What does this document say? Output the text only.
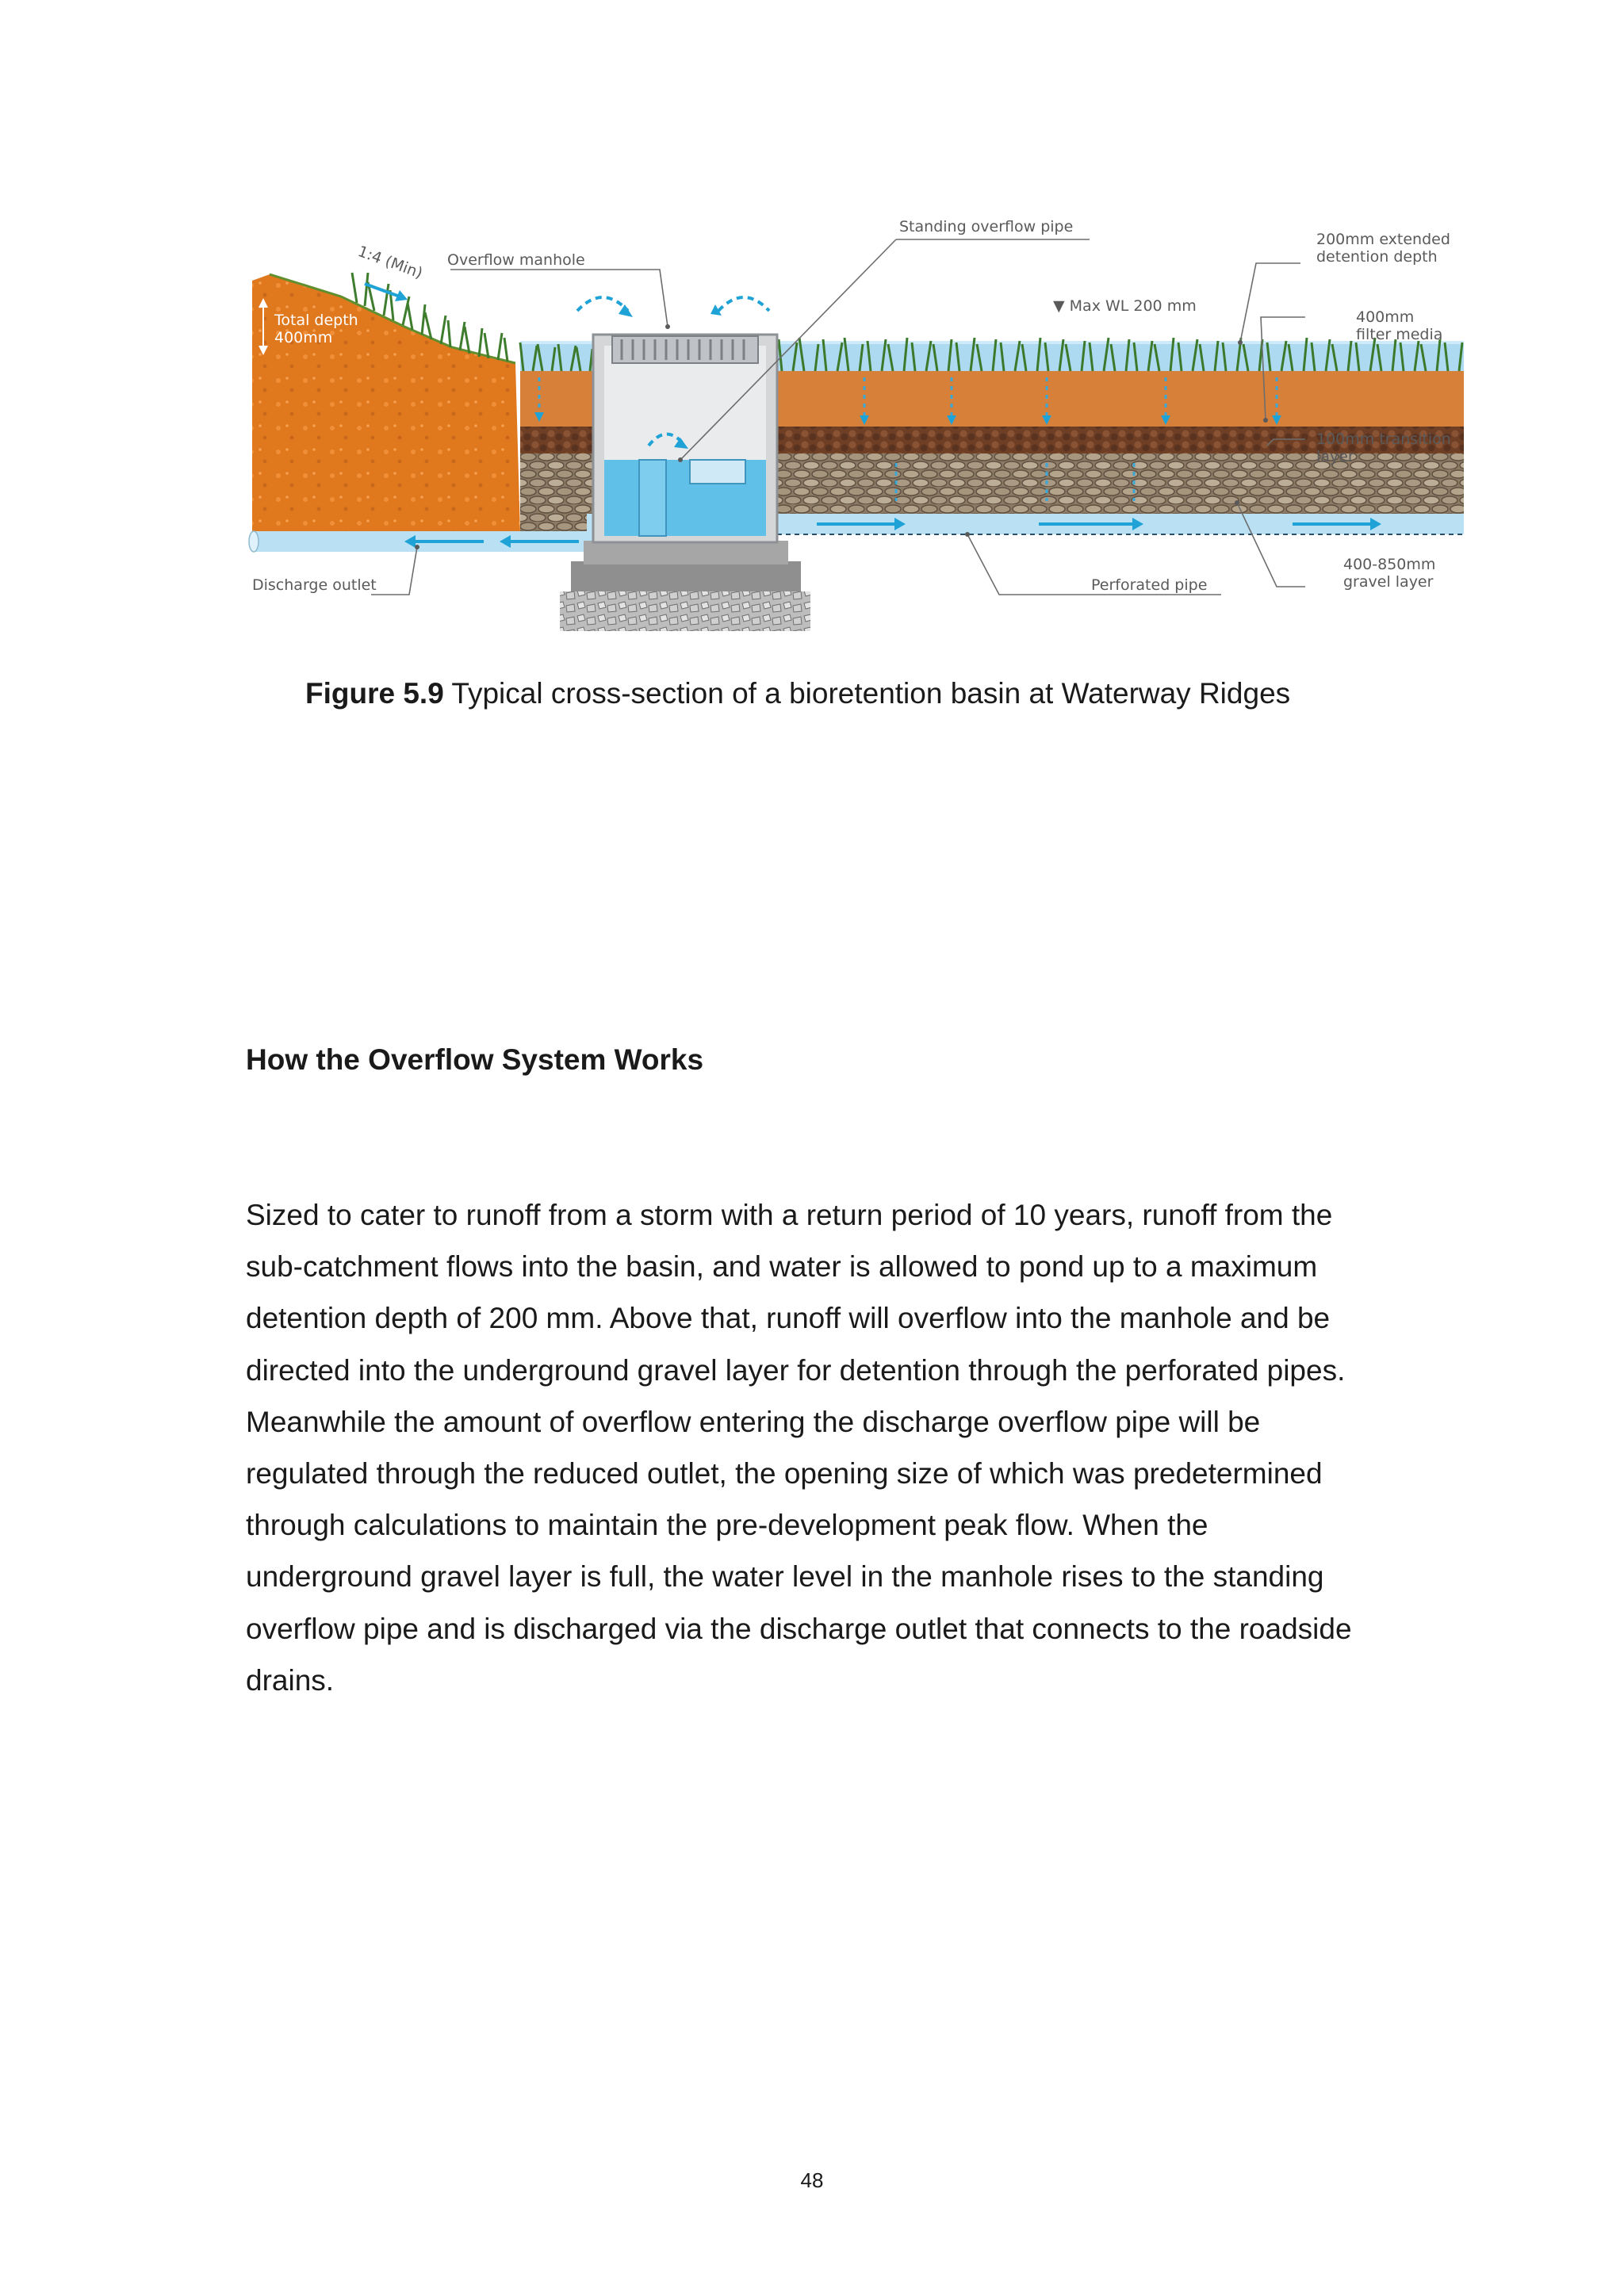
1:4 (Min) Overflow manhole
Standing overflow pipe
200mm extended
detention depth
▼ Max WL 200 mm
Total depth
400mm
400mm
filter media
100mm transition
layer
400-850mm
gravel layer
Discharge outlet	Perforated pipe
Figure 5.9 Typical cross-section of a bioretention basin at Waterway Ridges
How the Overflow System Works
Sized to cater to runoff from a storm with a return period of 10 years, runoff from the
sub-catchment flows into the basin, and water is allowed to pond up to a maximum
detention depth of 200 mm. Above that, runoff will overflow into the manhole and be
directed into the underground gravel layer for detention through the perforated pipes.
Meanwhile the amount of overflow entering the discharge overflow pipe will be
regulated through the reduced outlet, the opening size of which was predetermined
through calculations to maintain the pre-development peak flow. When the
underground gravel layer is full, the water level in the manhole rises to the standing
overflow pipe and is discharged via the discharge outlet that connects to the roadside
drains.
48
